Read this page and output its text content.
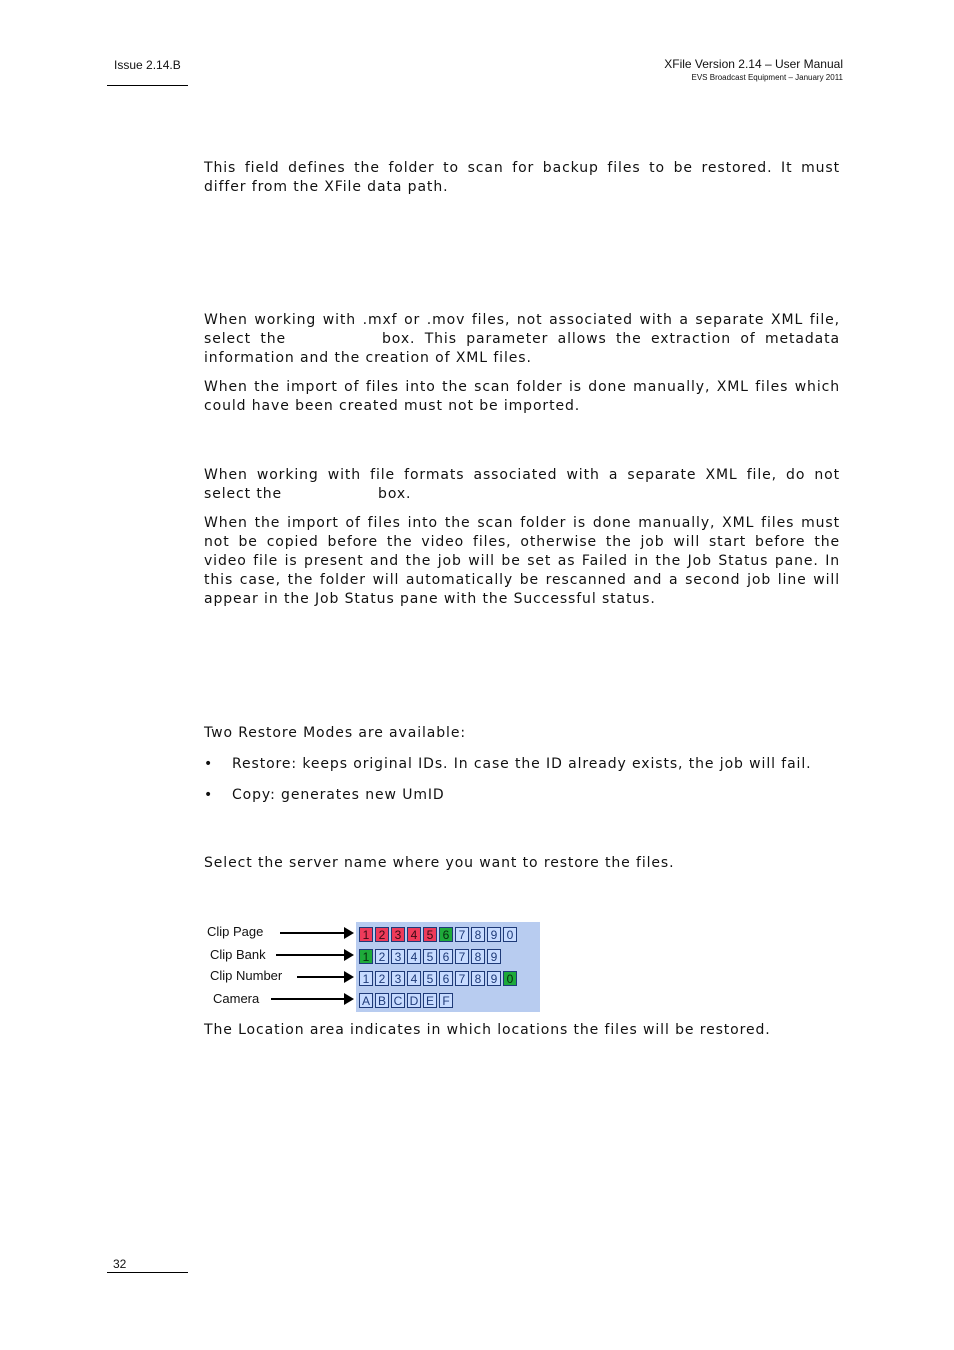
Issue 2.14.B	XFile Version 2.14 – User Manual
EVS Broadcast Equipment – January 2011
This field defines the folder to scan for backup files to be restored. It must differ from the XFile data path.
When working with .mxf or .mov files, not associated with a separate XML file, select the	box. This parameter allows the extraction of metadata information and the creation of XML files.
When the import of files into the scan folder is done manually, XML files which could have been created must not be imported.
When working with file formats associated with a separate XML file, do not select the	box.
When the import of files into the scan folder is done manually, XML files must not be copied before the video files, otherwise the job will start before the video file is present and the job will be set as Failed in the Job Status pane. In this case, the folder will automatically be rescanned and a second job line will appear in the Job Status pane with the Successful status.
Two Restore Modes are available:
• Restore: keeps original IDs. In case the ID already exists, the job will fail.
• Copy: generates new UmID
Select the server name where you want to restore the files.
Clip Page
Clip Bank
Clip Number
Camera
1 2 3 4 5 6 7 8 9 0
1 2 3 4 5 6 7 8 9
1 2 3 4 5 6 7 8 9 0
A B C D E F
The Location area indicates in which locations the files will be restored.
32
